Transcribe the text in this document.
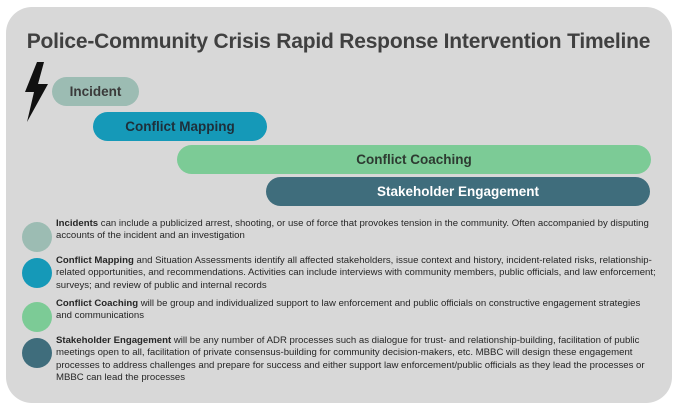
Police-Community Crisis Rapid Response Intervention Timeline
Incident
Conflict Mapping
Conflict Coaching
Stakeholder Engagement
Incidents can include a publicized arrest, shooting, or use of force that provokes tension in the community. Often accompanied by disputing accounts of the incident and an investigation
Conflict Mapping and Situation Assessments identify all affected stakeholders, issue context and history, incident-related risks, relationship-related opportunities, and recommendations. Activities can include interviews with community members, public officials, and law enforcement; surveys; and review of public and internal records
Conflict Coaching will be group and individualized support to law enforcement and public officials on constructive engagement strategies and communications
Stakeholder Engagement will be any number of ADR processes such as dialogue for trust- and relationship-building, facilitation of public meetings open to all, facilitation of private consensus-building for community decision-makers, etc. MBBC will design these engagement processes to address challenges and prepare for success and either support law enforcement/public officials as they lead the processes or MBBC can lead the processes
